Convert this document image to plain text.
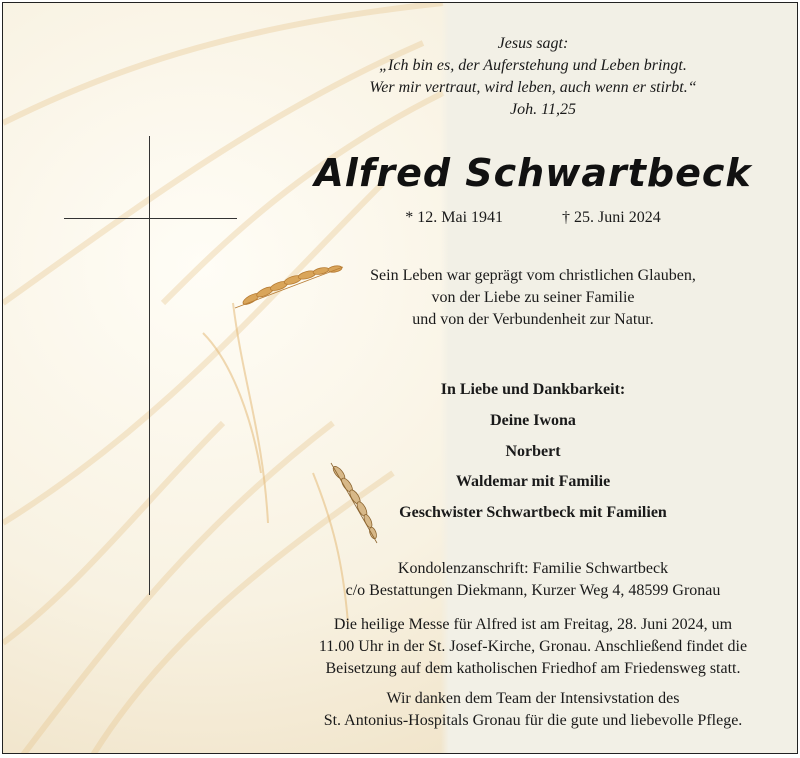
Jesus sagt:
„Ich bin es, der Auferstehung und Leben bringt.
Wer mir vertraut, wird leben, auch wenn er stirbt.“
Joh. 11,25
Alfred Schwartbeck
* 12. Mai 1941	† 25. Juni 2024
Sein Leben war geprägt vom christlichen Glauben,
von der Liebe zu seiner Familie
und von der Verbundenheit zur Natur.
In Liebe und Dankbarkeit:
Deine Iwona
Norbert
Waldemar mit Familie
Geschwister Schwartbeck mit Familien
Kondolenzanschrift: Familie Schwartbeck
c/o Bestattungen Diekmann, Kurzer Weg 4, 48599 Gronau
Die heilige Messe für Alfred ist am Freitag, 28. Juni 2024, um
11.00 Uhr in der St. Josef-Kirche, Gronau. Anschließend findet die
Beisetzung auf dem katholischen Friedhof am Friedensweg statt.
Wir danken dem Team der Intensivstation des
St. Antonius-Hospitals Gronau für die gute und liebevolle Pflege.
